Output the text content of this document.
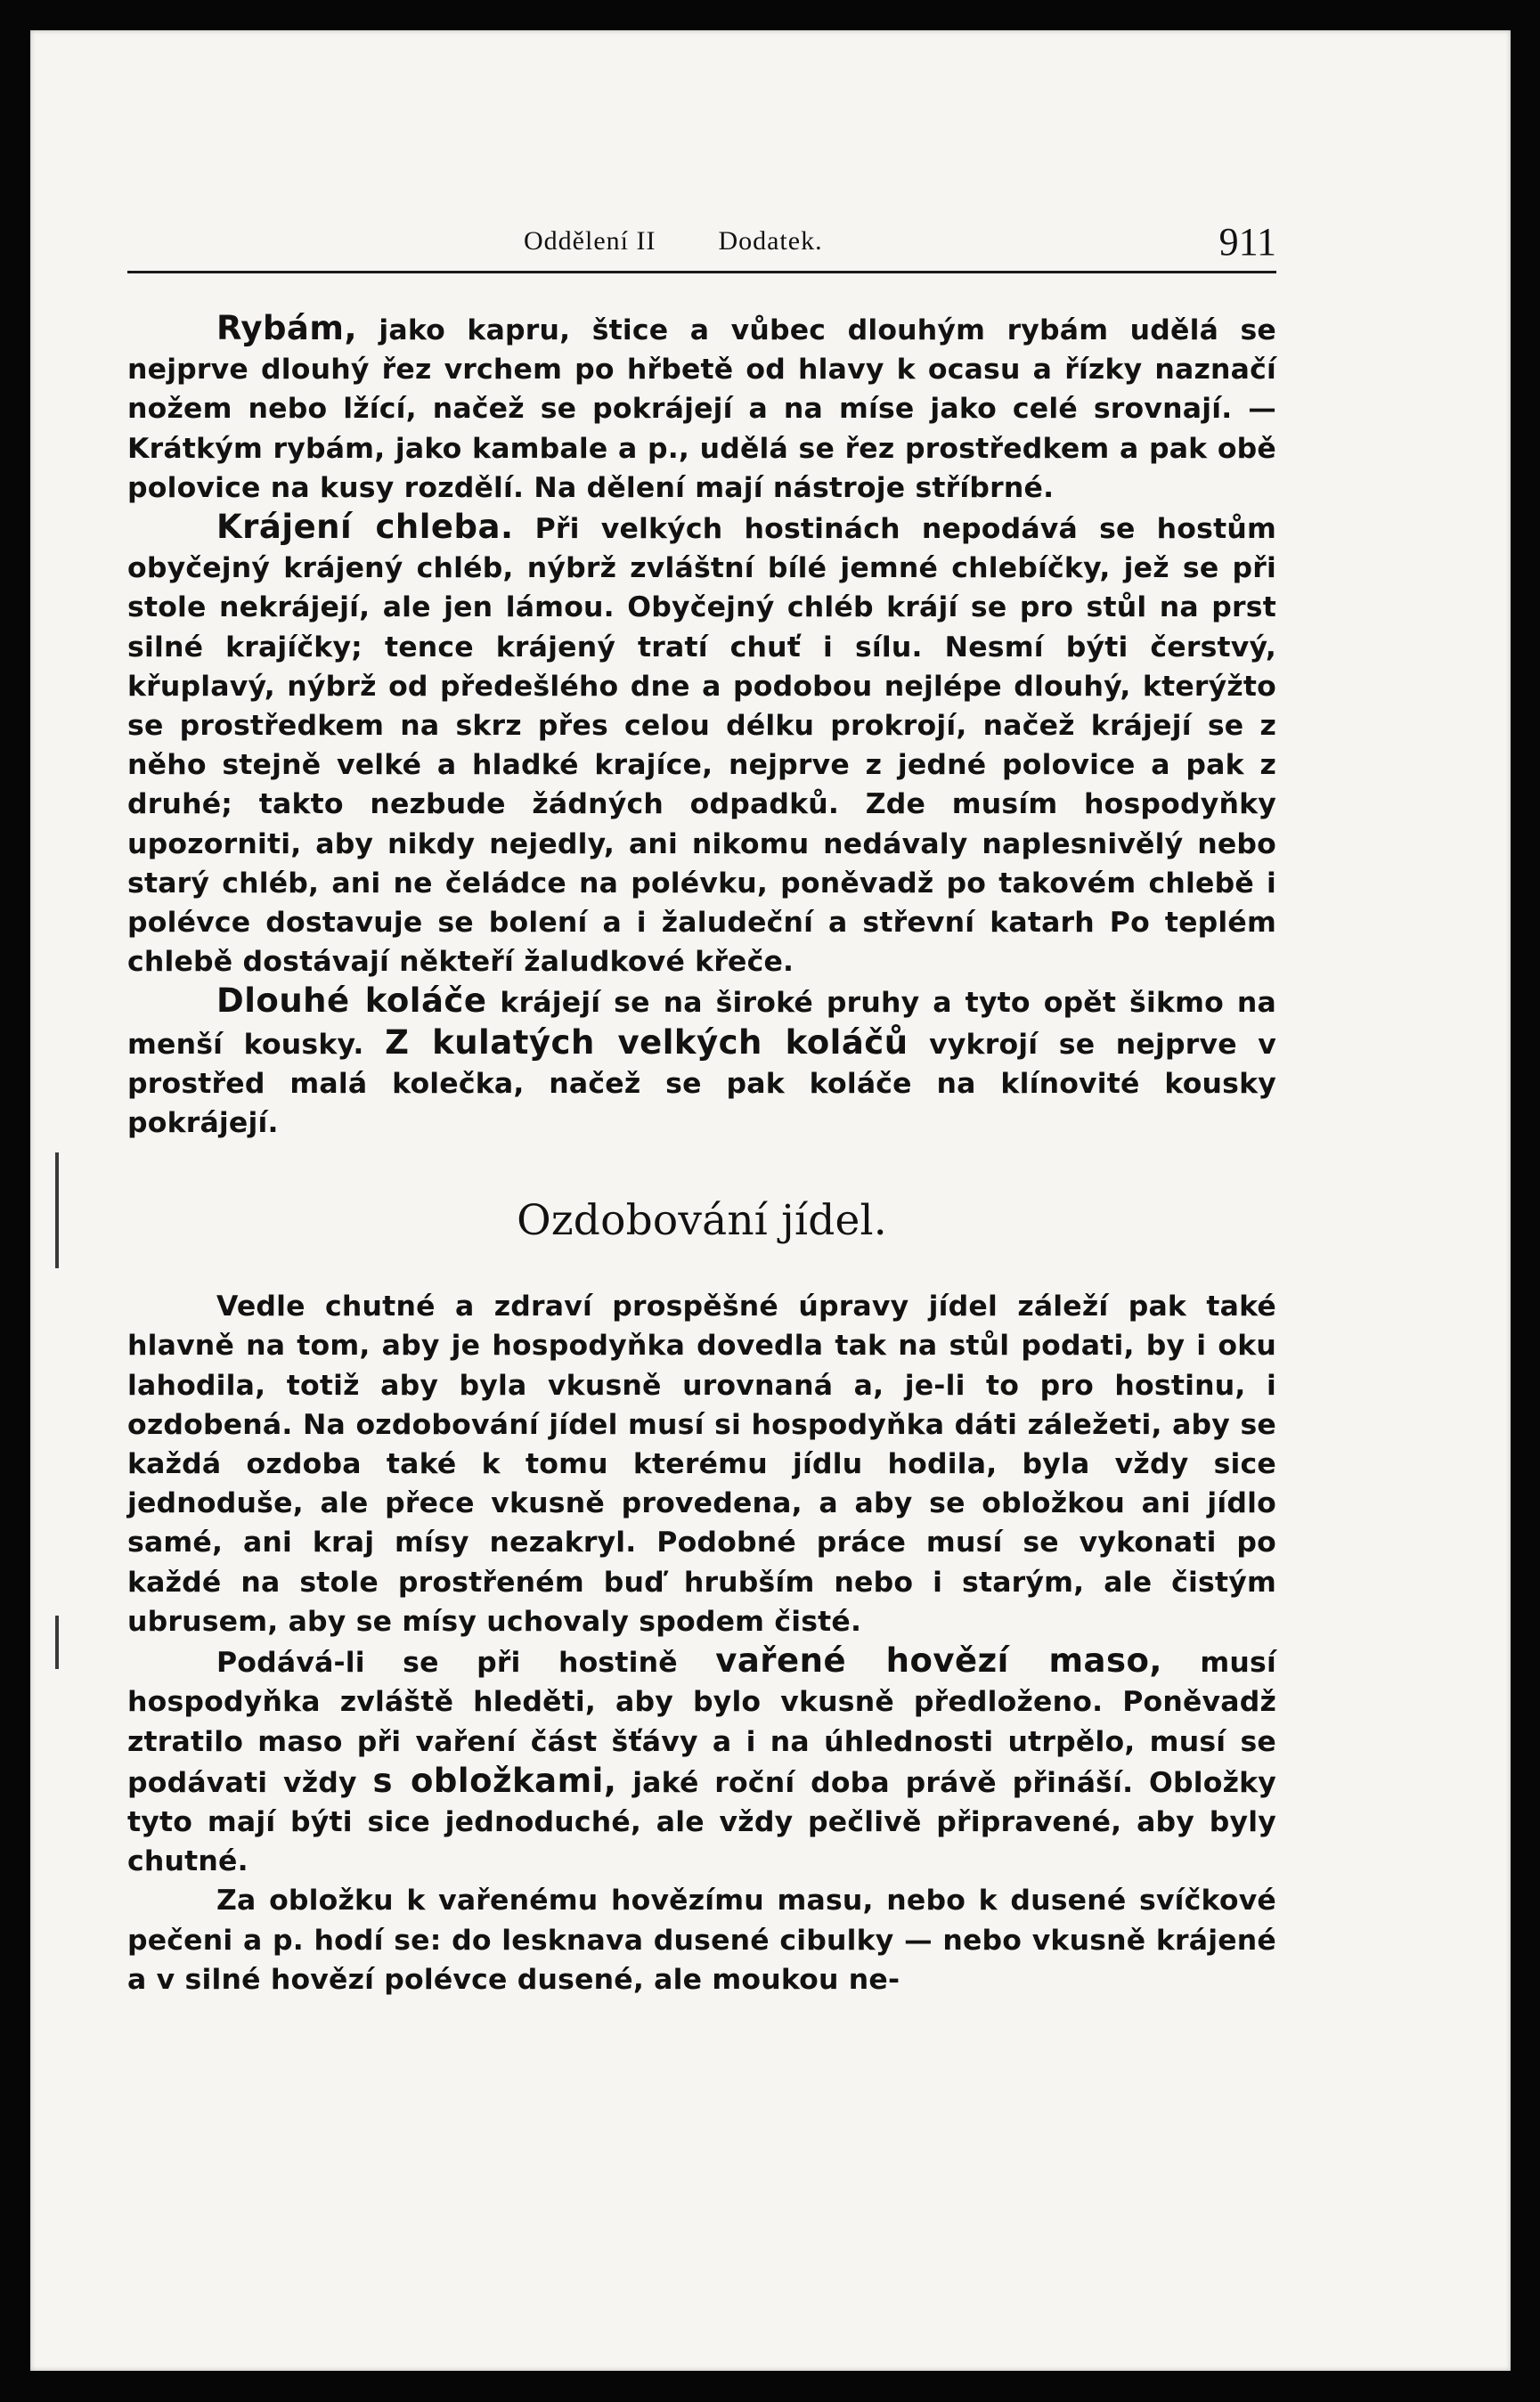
Oddělení II Dodatek.	911

Rybám, jako kapru, štice a vůbec dlouhým rybám udělá se nejprve dlouhý řez vrchem po hřbetě od hlavy k ocasu a řízky naznačí nožem nebo lžící, načež se pokrájejí a na míse jako celé srovnají. — Krátkým rybám, jako kambale a p., udělá se řez prostředkem a pak obě polovice na kusy rozdělí. Na dělení mají nástroje stříbrné.

Krájení chleba. Při velkých hostinách nepodává se hostům obyčejný krájený chléb, nýbrž zvláštní bílé jemné chlebíčky, jež se při stole nekrájejí, ale jen lámou. Obyčejný chléb krájí se pro stůl na prst silné krajíčky; tence krájený tratí chuť i sílu. Nesmí býti čerstvý, křuplavý, nýbrž od předešlého dne a podobou nejlépe dlouhý, kterýžto se prostředkem na skrz přes celou délku prokrojí, načež krájejí se z něho stejně velké a hladké krajíce, nejprve z jedné polovice a pak z druhé; takto nezbude žádných odpadků. Zde musím hospodyňky upozorniti, aby nikdy nejedly, ani nikomu nedávaly naplesnivělý nebo starý chléb, ani ne čeládce na polévku, poněvadž po takovém chlebě i polévce dostavuje se bolení a i žaludeční a střevní katarh Po teplém chlebě dostávají někteří žaludkové křeče.

Dlouhé koláče krájejí se na široké pruhy a tyto opět šikmo na menší kousky. Z kulatých velkých koláčů vykrojí se nejprve v prostřed malá kolečka, načež se pak koláče na klínovité kousky pokrájejí.

Ozdobování jídel.

Vedle chutné a zdraví prospěšné úpravy jídel záleží pak také hlavně na tom, aby je hospodyňka dovedla tak na stůl podati, by i oku lahodila, totiž aby byla vkusně urovnaná a, je-li to pro hostinu, i ozdobená. Na ozdobování jídel musí si hospodyňka dáti záležeti, aby se každá ozdoba také k tomu kterému jídlu hodila, byla vždy sice jednoduše, ale přece vkusně provedena, a aby se obložkou ani jídlo samé, ani kraj mísy nezakryl. Podobné práce musí se vykonati po každé na stole prostřeném buď hrubším nebo i starým, ale čistým ubrusem, aby se mísy uchovaly spodem čisté.

Podává-li se při hostině vařené hovězí maso, musí hospodyňka zvláště hleděti, aby bylo vkusně předloženo. Poněvadž ztratilo maso při vaření část šťávy a i na úhlednosti utrpělo, musí se podávati vždy s obložkami, jaké roční doba právě přináší. Obložky tyto mají býti sice jednoduché, ale vždy pečlivě připravené, aby byly chutné.

Za obložku k vařenému hovězímu masu, nebo k dusené svíčkové pečeni a p. hodí se: do lesknava dusené cibulky — nebo vkusně krájené a v silné hovězí polévce dusené, ale moukou ne-
